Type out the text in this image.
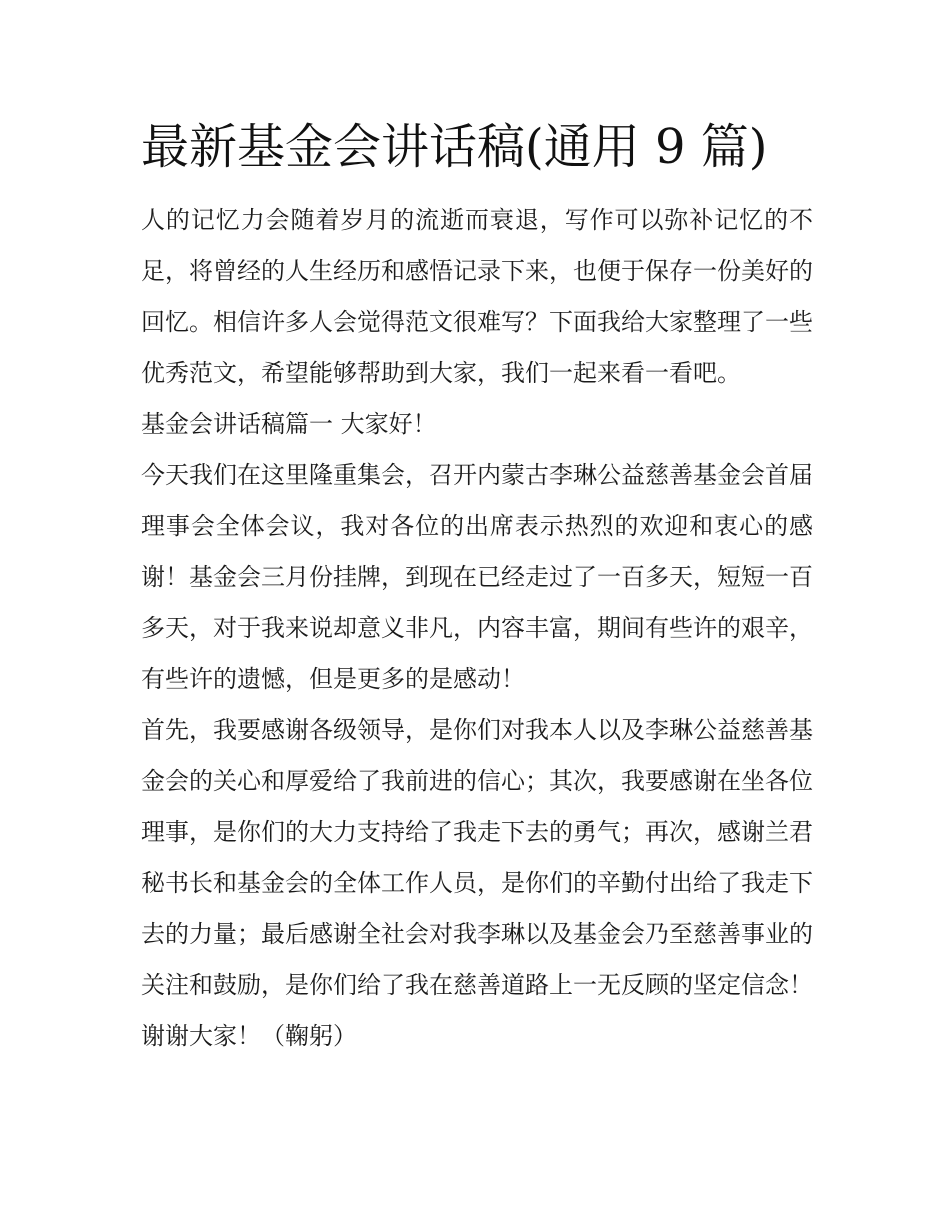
最新基金会讲话稿(通用 9 篇)

人的记忆力会随着岁月的流逝而衰退，写作可以弥补记忆的不足，将曾经的人生经历和感悟记录下来，也便于保存一份美好的回忆。相信许多人会觉得范文很难写？下面我给大家整理了一些优秀范文，希望能够帮助到大家，我们一起来看一看吧。

基金会讲话稿篇一 大家好！

今天我们在这里隆重集会，召开内蒙古李琳公益慈善基金会首届理事会全体会议，我对各位的出席表示热烈的欢迎和衷心的感谢！基金会三月份挂牌，到现在已经走过了一百多天，短短一百多天，对于我来说却意义非凡，内容丰富，期间有些许的艰辛，有些许的遗憾，但是更多的是感动！

首先，我要感谢各级领导，是你们对我本人以及李琳公益慈善基金会的关心和厚爱给了我前进的信心；其次，我要感谢在坐各位理事，是你们的大力支持给了我走下去的勇气；再次，感谢兰君秘书长和基金会的全体工作人员，是你们的辛勤付出给了我走下去的力量；最后感谢全社会对我李琳以及基金会乃至慈善事业的关注和鼓励，是你们给了我在慈善道路上一无反顾的坚定信念！

谢谢大家！（鞠躬）
